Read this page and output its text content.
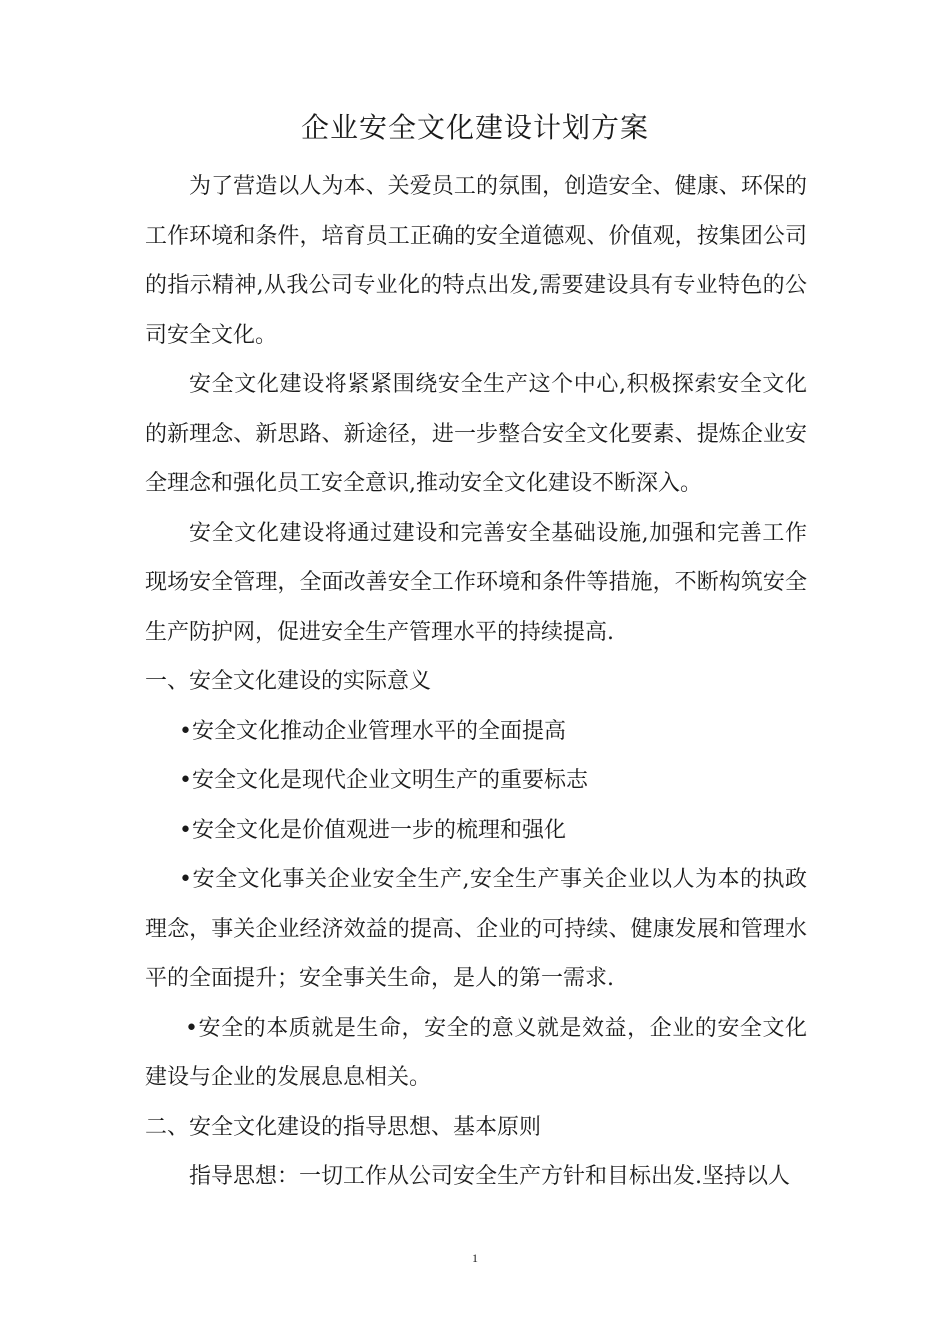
企业安全文化建设计划方案

为了营造以人为本、关爱员工的氛围，创造安全、健康、环保的工作环境和条件，培育员工正确的安全道德观、价值观，按集团公司的指示精神,从我公司专业化的特点出发,需要建设具有专业特色的公司安全文化。

安全文化建设将紧紧围绕安全生产这个中心,积极探索安全文化的新理念、新思路、新途径，进一步整合安全文化要素、提炼企业安全理念和强化员工安全意识,推动安全文化建设不断深入。

安全文化建设将通过建设和完善安全基础设施,加强和完善工作现场安全管理，全面改善安全工作环境和条件等措施，不断构筑安全生产防护网，促进安全生产管理水平的持续提高.

一、安全文化建设的实际意义

•安全文化推动企业管理水平的全面提高

•安全文化是现代企业文明生产的重要标志

•安全文化是价值观进一步的梳理和强化

•安全文化事关企业安全生产,安全生产事关企业以人为本的执政理念，事关企业经济效益的提高、企业的可持续、健康发展和管理水平的全面提升；安全事关生命，是人的第一需求.

•安全的本质就是生命，安全的意义就是效益，企业的安全文化建设与企业的发展息息相关。

二、安全文化建设的指导思想、基本原则

指导思想：一切工作从公司安全生产方针和目标出发.坚持以人

1
